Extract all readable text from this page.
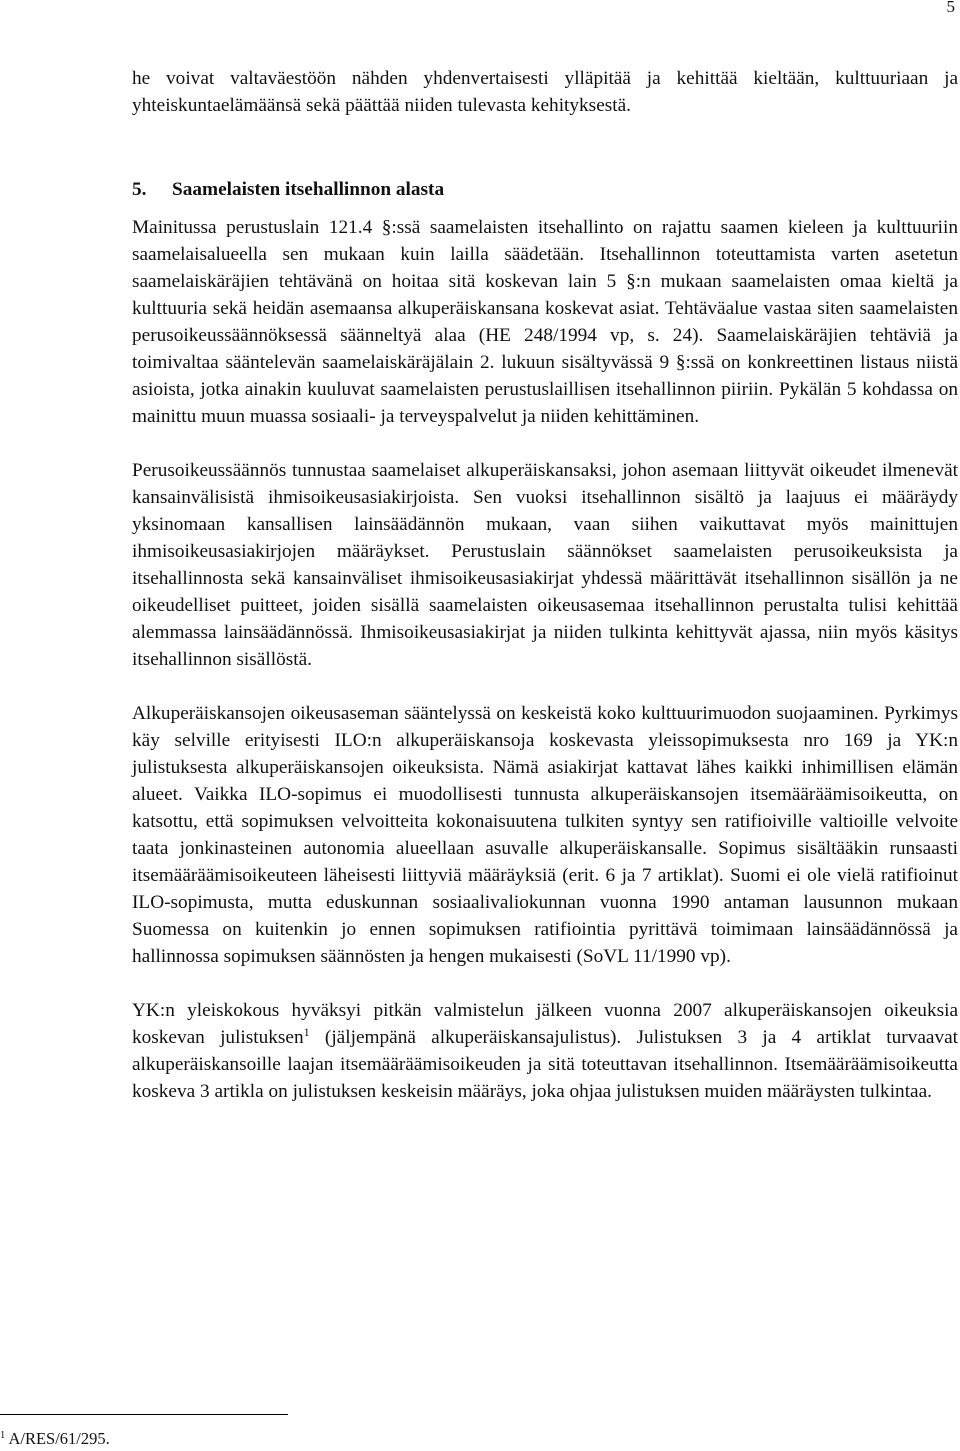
5

he voivat valtaväestöön nähden yhdenvertaisesti ylläpitää ja kehittää kieltään, kulttuuriaan ja yhteiskuntaelämäänsä sekä päättää niiden tulevasta kehityksestä.

5.	Saamelaisten itsehallinnon alasta

Mainitussa perustuslain 121.4 §:ssä saamelaisten itsehallinto on rajattu saamen kieleen ja kulttuuriin saamelaisalueella sen mukaan kuin lailla säädetään. Itsehallinnon toteuttamista varten asetetun saamelaiskäräjien tehtävänä on hoitaa sitä koskevan lain 5 §:n mukaan saamelaisten omaa kieltä ja kulttuuria sekä heidän asemaansa alkuperäiskansana koskevat asiat. Tehtäväalue vastaa siten saamelaisten perusoikeussäännöksessä säänneltyä alaa (HE 248/1994 vp, s. 24). Saamelaiskäräjien tehtäviä ja toimivaltaa sääntelevän saamelaiskäräjälain 2. lukuun sisältyvässä 9 §:ssä on konkreettinen listaus niistä asioista, jotka ainakin kuuluvat saamelaisten perustuslaillisen itsehallinnon piiriin. Pykälän 5 kohdassa on mainittu muun muassa sosiaali- ja terveyspalvelut ja niiden kehittäminen.

Perusoikeussäännös tunnustaa saamelaiset alkuperäiskansaksi, johon asemaan liittyvät oikeudet ilmenevät kansainvälisistä ihmisoikeusasiakirjoista. Sen vuoksi itsehallinnon sisältö ja laajuus ei määräydy yksinomaan kansallisen lainsäädännön mukaan, vaan siihen vaikuttavat myös mainittujen ihmisoikeusasiakirjojen määräykset. Perustuslain säännökset saamelaisten perusoikeuksista ja itsehallinnosta sekä kansainväliset ihmisoikeusasiakirjat yhdessä määrittävät itsehallinnon sisällön ja ne oikeudelliset puitteet, joiden sisällä saamelaisten oikeusasemaa itsehallinnon perustalta tulisi kehittää alemmassa lainsäädännössä. Ihmisoikeusasiakirjat ja niiden tulkinta kehittyvät ajassa, niin myös käsitys itsehallinnon sisällöstä.

Alkuperäiskansojen oikeusaseman sääntelyssä on keskeistä koko kulttuurimuodon suojaaminen. Pyrkimys käy selville erityisesti ILO:n alkuperäiskansoja koskevasta yleissopimuksesta nro 169 ja YK:n julistuksesta alkuperäiskansojen oikeuksista. Nämä asiakirjat kattavat lähes kaikki inhimillisen elämän alueet. Vaikka ILO-sopimus ei muodollisesti tunnusta alkuperäiskansojen itsemääräämisoikeutta, on katsottu, että sopimuksen velvoitteita kokonaisuutena tulkiten syntyy sen ratifioiville valtioille velvoite taata jonkinasteinen autonomia alueellaan asuvalle alkuperäiskansalle. Sopimus sisältääkin runsaasti itsemääräämisoikeuteen läheisesti liittyviä määräyksiä (erit. 6 ja 7 artiklat). Suomi ei ole vielä ratifioinut ILO-sopimusta, mutta eduskunnan sosiaalivaliokunnan vuonna 1990 antaman lausunnon mukaan Suomessa on kuitenkin jo ennen sopimuksen ratifiointia pyrittävä toimimaan lainsäädännössä ja hallinnossa sopimuksen säännösten ja hengen mukaisesti (SoVL 11/1990 vp).

YK:n yleiskokous hyväksyi pitkän valmistelun jälkeen vuonna 2007 alkuperäiskansojen oikeuksia koskevan julistuksen$^1$ (jäljempänä alkuperäiskansajulistus). Julistuksen 3 ja 4 artiklat turvaavat alkuperäiskansoille laajan itsemääräämisoikeuden ja sitä toteuttavan itsehallinnon. Itsemääräämisoikeutta koskeva 3 artikla on julistuksen keskeisin määräys, joka ohjaa julistuksen muiden määräysten tulkintaa.

$^1$ A/RES/61/295.
